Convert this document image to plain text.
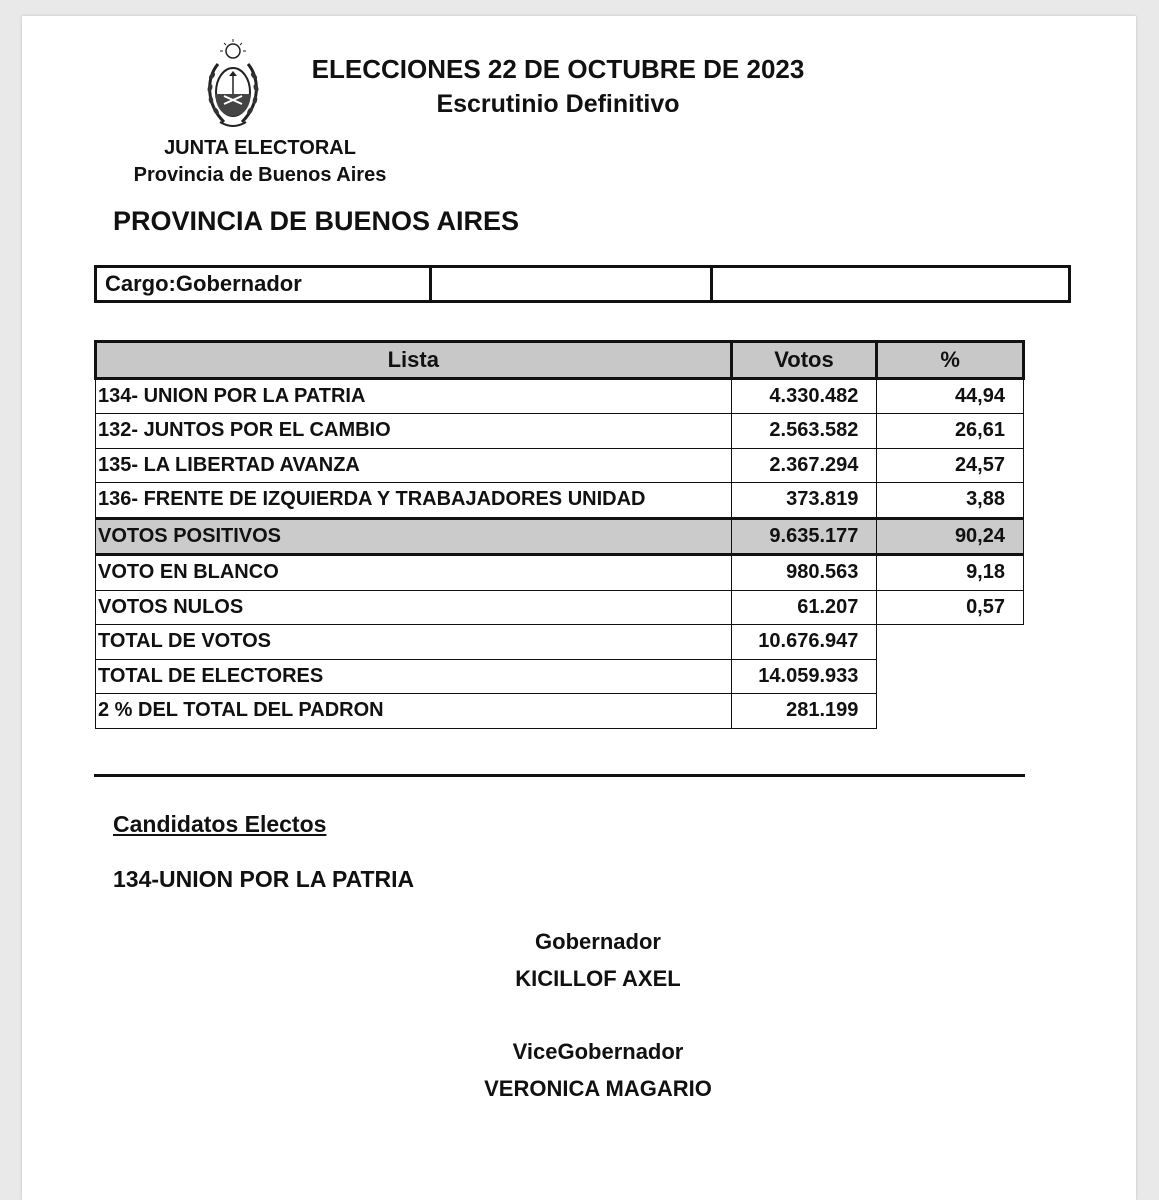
ELECCIONES 22 DE OCTUBRE DE 2023
Escrutinio Definitivo
JUNTA ELECTORAL
Provincia de Buenos Aires
PROVINCIA DE BUENOS AIRES
Cargo:Gobernador		
Lista	Votos	%
134- UNION POR LA PATRIA	4.330.482	44,94
132- JUNTOS POR EL CAMBIO	2.563.582	26,61
135- LA LIBERTAD AVANZA	2.367.294	24,57
136- FRENTE DE IZQUIERDA Y TRABAJADORES UNIDAD	373.819	3,88
VOTOS POSITIVOS	9.635.177	90,24
VOTO EN BLANCO	980.563	9,18
VOTOS NULOS	61.207	0,57
TOTAL DE VOTOS	10.676.947	
TOTAL DE ELECTORES	14.059.933	
2 % DEL TOTAL DEL PADRON	281.199	
Candidatos Electos
134-UNION POR LA PATRIA
Gobernador
KICILLOF AXEL
ViceGobernador
VERONICA MAGARIO
